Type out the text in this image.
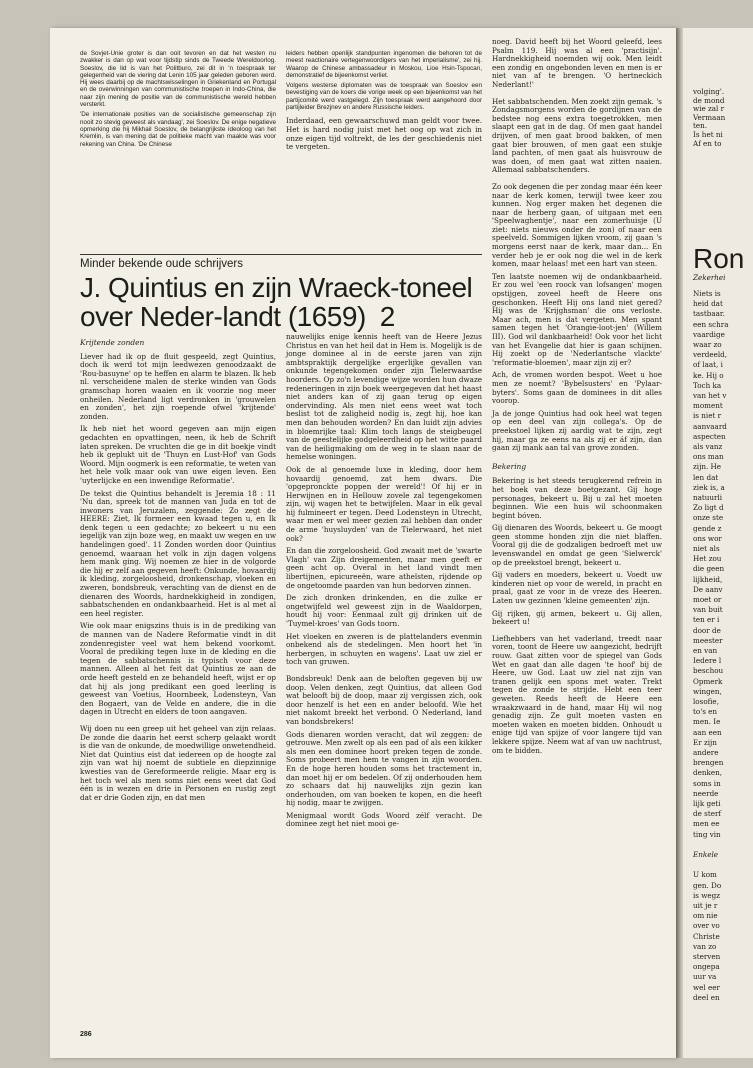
de Sovjet-Unie groter is dan ooit tevoren en dat het westen nu zwakker is dan op wat voor tijdstip sinds de Tweede Wereldoorlog. Soeslov, die lid is van het Politburo, zei dit in 'n toespraak ter gelegenheid van de viering dat Lenin 105 jaar geleden geboren werd. Hij wees daarbij op de machtswisselingen in Griekenland en Portugal en de overwinningen van communistische troepen in Indo-China, die naar zijn mening de positie van de communistische wereld hebben versterkt.

'De internationale posities van de socialistische gemeenschap zijn nooit zo stevig geweest als vandaag', zei Soeslov. De enige negatieve opmerking die hij Mikhail Soeslov, de belangrijkste ideoloog van het Kremlin, is van mening dat de politieke macht van maakte was voor rekening van China. 'De Chinese

leiders hebben openlijk standpunten ingenomen die behoren tot de meest reactionaire vertegenwoordigers van het imperialisme', zei hij. Waarop de Chinese ambassadeur in Moskou, Lioe Hsin-Tspocan, demonstratief de bijeenkomst verliet.

Volgens westerse diplomaten was de toespraak van Soeslov een bevestiging van de koers die vorige week op een bijeenkomst van het partijcomité werd vastgelegd. Zijn toespraak werd aangehoord door partijleider Brezjnev en andere Russische leiders.

Inderdaad, een gewaarschuwd man geldt voor twee. Het is hard nodig juist met het oog op wat zich in onze eigen tijd voltrekt, de les der geschiedenis niet te vergeten.

Minder bekende oude schrijvers
J. Quintius en zijn Wraeck-toneel over Neder-landt (1659) 2

Krijtende zonden

Liever had ik op de fluit gespeeld, zegt Quintius, doch ik werd tot mijn leedwezen genoodzaakt de 'Rou-basuyne' op te heffen en alarm te blazen. Ik heb nl. verscheidene malen de sterke winden van Gods gramschap horen waaien en ik voorzie nog meer onheilen. Nederland ligt verdronken in 'grouwelen en zonden', het zijn roepende ofwel 'krijtende' zonden.

Ik heb niet het woord gegeven aan mijn eigen gedachten en opvattingen, neen, ik heb de Schrift laten spreken. De vruchten die ge in dit boekje vindt heb ik geplukt uit de 'Thuyn en Lust-Hof' van Gods Woord. Mijn oogmerk is een reformatie, te weten van het hele volk maar ook van uwe eigen leven. Een 'uyterlijcke en een inwendige Reformatie'.

De tekst die Quintius behandelt is Jeremia 18 : 11 'Nu dan, spreek tot de mannen van Juda en tot de inwoners van Jeruzalem, zeggende: Zo zegt de HEERE: Ziet, Ik formeer een kwaad tegen u, en Ik denk tegen u een gedachte; zo bekeert u nu een iegelijk van zijn boze weg, en maakt uw wegen en uw handelingen goed'. 11 Zonden worden door Quintius genoemd, waaraan het volk in zijn dagen volgens hem mank ging. Wij noemen ze hier in de volgorde die hij er zelf aan gegeven heeft: Onkunde, hovaardij ik kleding, zorgeloosheid, dronkenschap, vloeken en zweren, bondsbreuk, verachting van de dienst en de dienaren des Woords, hardnekkigheid in zondigen, sabbatschenden en ondankbaarheid. Het is al met al een heel register.

Wie ook maar enigszins thuis is in de prediking van de mannen van de Nadere Reformatie vindt in dit zondenregister veel wat hem bekend voorkomt. Vooral de prediking tegen luxe in de kleding en die tegen de sabbatschennis is typisch voor deze mannen. Alleen al het feit dat Quintius ze aan de orde heeft gesteld en ze behandeld heeft, wijst er op dat hij als jong predikant een goed leerling is geweest van Voetius, Hoornbeek, Lodensteyn, Van den Bogaert, van de Velde en andere, die in die dagen in Utrecht en elders de toon aangaven.

Wij doen nu een greep uit het geheel van zijn relaas. De zonde die daarin het eerst scherp gelaakt wordt is die van de onkunde, de moedwillige onwetendheid. Niet dat Quintius eist dat iedereen op de hoogte zal zijn van wat hij noemt de subtiele en diepzinnige kwesties van de Gereformeerde religie. Maar erg is het toch wel als men soms niet eens weet dat God één is in wezen en drie in Personen en rustig zegt dat er drie Goden zijn, en dat men

nauwelijks enige kennis heeft van de Heere Jezus Christus en van het heil dat in Hem is. Mogelijk is de jonge dominee al in de eerste jaren van zijn ambtspraktijk dergelijke ergerlijke gevallen van onkunde tegengekomen onder zijn Tielerwaardse hoorders. Op zo'n levendige wijze worden hun dwaze redeneringen in zijn boek weergegeven dat het haast niet anders kan of zij gaan terug op eigen ondervinding. Als men niet eens weet wat toch beslist tot de zaligheid nodig is, zegt hij, hoe kan men dan behouden worden? En dan luidt zijn advies in bloemrijke taal: Klim toch langs de steigbeugel van de geestelijke godgeleerdheid op het witte paard van de heiligmaking om de weg in te slaan naar de hemelse woningen.

Ook de al genoemde luxe in kleding, door hem hovaardij genoemd, zat hem dwars. Die 'opgepronckte poppen der wereld'! Of hij er in Herwijnen en in Hellouw zovele zal tegengekomen zijn, wij wagen het te betwijfelen. Maar in elk geval hij fulmineert er tegen. Deed Lodensteyn in Utrecht, waar men er wel meer gezien zal hebben dan onder de arme 'huysluyden' van de Tielerwaard, het niet ook?

En dan die zorgeloosheid. God zwaait met de 'swarte Vlagh' van Zijn dreigementen, maar men geeft er geen acht op. Overal in het land vindt men libertijnen, epicureeën, ware atheïsten, rijdende op de ongetoomde paarden van hun bedorven zinnen.

De zich dronken drinkenden, en die zulke er ongetwijfeld wel geweest zijn in de Waaldorpen, houdt hij voor: Eenmaal zult gij drinken uit de 'Tuymel-kroes' van Gods toorn.

Het vloeken en zweren is de plattelanders evenmin onbekend als de stedelingen. Men hoort het 'in herbergen, in schuyten en wagens'. Laat uw ziel er toch van gruwen.

Bondsbreuk! Denk aan de beloften gegeven bij uw doop. Velen denken, zegt Quintius, dat alleen God wat belooft bij de doop, maar zij vergissen zich, ook door henzelf is het een en ander beloofd. Wie het niet nakomt breekt het verbond. O Nederland, land van bondsbrekers!

Gods dienaren worden veracht, dat wil zeggen: de getrouwe. Men zwelt op als een pad of als een kikker als men een dominee hoort preken tegen de zonde. Soms probeert men hem te vangen in zijn woorden. En de hoge heren houden soms het tractement in, dan moet hij er om bedelen. Of zij onderhouden hem zo schaars dat hij nauwelijks zijn gezin kan onderhouden, om van boeken te kopen, en die heeft hij nodig, maar te zwijgen.

Menigmaal wordt Gods Woord zélf veracht. De dominee zegt het niet mooi ge-

noeg. David heeft bij het Woord geleefd, lees Psalm 119. Hij was al een 'practisijn'. Hardnekkigheid noemden wij ook. Men leidt een zondig en ongebonden leven en men is er niet van af te brengen. 'O hertneckich Nederlant!'

Het sabbatschenden. Men zoekt zijn gemak. 's Zondagsmorgens worden de gordijnen van de bedstee nog eens extra toegetrokken, men slaapt een gat in de dag. Of men gaat handel drijven, of men gaat brood bakken, of men gaat bier brouwen, of men gaat een stukje land pachten, of men gaat als huisvrouw de was doen, of men gaat wat zitten naaien. Allemaal sabbatschenders.

Zo ook degenen die per zondag maar één keer naar de kerk komen, terwijl twee keer zou kunnen. Nog erger maken het degenen die naar de herberg gaan, of uitgaan met een 'Speelwaghentje', naar een zomerhuisje (U ziet: niets nieuws onder de zon) of naar een speelveld. Sommigen lijken vroom, zij gaan 's morgens eerst naar de kerk, maar dan... En verder heb je er ook nog die wel in de kerk komen, maar helaas! met een hart van steen.

Ten laatste noemen wij de ondankbaarheid. Er zou wel 'een roock van lofsangen' mogen opstijgen, zoveel heeft de Heere ons geschonken. Heeft Hij ons land niet gered? Hij was de 'Krijghsman' die ons verloste. Maar ach, men is dat vergeten. Men spant samen tegen het 'Orangie-loot-jen' (Willem III). God wil dankbaarheid! Ook voor het licht van het Evangelie dat hier is gaan schijnen. Hij zoekt op de 'Nederlantsche vlackte' 'reformatie-bloemen', maar zijn zij er?

Ach, de vromen worden bespot. Weet u hoe men ze noemt? 'Bybelsusters' en 'Pylaar-byters'. Soms gaan de dominees in dit alles voorop.

Ja de jonge Quintius had ook heel wat tegen op een deel van zijn collega's. Op de preekstoel lijken zij aardig wat te zijn, zegt hij, maar ga ze eens na als zij er áf zijn, dan gaan zij mank aan tal van grove zonden.

Bekering

Bekering is het steeds terugkerend refrein in het boek van deze boetgezant. Gij hoge personages, bekeert u. Bij u zal het moeten beginnen. Wie een huis wil schoonmaken begint bóven.

Gij dienaren des Woords, bekeert u. Ge moogt geen stomme honden zijn die niet blaffen. Vooral gij die de godzaligen bedroeft met uw levenswandel en omdat ge geen 'Sielwerck' op de preekstoel brengt, bekeert u.

Gij vaders en moeders, bekeert u. Voedt uw kinderen niet op voor de wereld, in pracht en praal, gaat ze voor in de vreze des Heeren. Laten uw gezinnen 'kleine gemeenten' zijn.

Gij rijken, gij armen, bekeert u. Gij allen, bekeert u!

Liefhebbers van het vaderland, treedt naar voren, toont de Heere uw aangezicht, bedrijft rouw. Gaat zitten voor de spiegel van Gods Wet en gaat dan alle dagen 'te hoof' bij de Heere, uw God. Laat uw ziel nat zijn van tranen gelijk een spons met water. Trekt tegen de zonde te strijde. Hebt een teer geweten. Reeds heeft de Heere een wraakzwaard in de hand, maar Hij wil nog genadig zijn. Ze gult moeten vasten en moeten waken en moeten bidden. Onhoudt u enige tijd van spijze of voor langere tijd van lekkere spijze. Neem wat af van uw nachtrust, om te bidden.

286
volging'.
de mond
wie zal r
Vermaan
ten.
Is het ni
Af en to
Ron
Zekerhei
Niets is
heid dat
tastbaar.
een schra
vaardige
waar zo
verdeeld,
of laat, i
ke. Hij o
Toch ka
van het v
moment
is niet r
aanvaard
aspecten
als vanz
ons man
zijn. He
len dat
ziek is, a
natuurli
Zo ligt d
onze ste
gende z
ons wor
niet als
Het zou
die geen
lijkheid,
De aanv
moet or
van buit
ten er i
door de
meester
en van
Iedere l
beschou
Opmerk
wingen,
losofie,
to's en
men. Ie
aan een
Er zijn
andere
brengen
denken,
soms in
neerde
lijk geti
de sterf
men ee
ting vin
Enkele
U kom
gen. Do
is wegz
uit je r
om nie
over vo
Christe
van zo
sterven
ongepa
uur va
wel eer
deel en
